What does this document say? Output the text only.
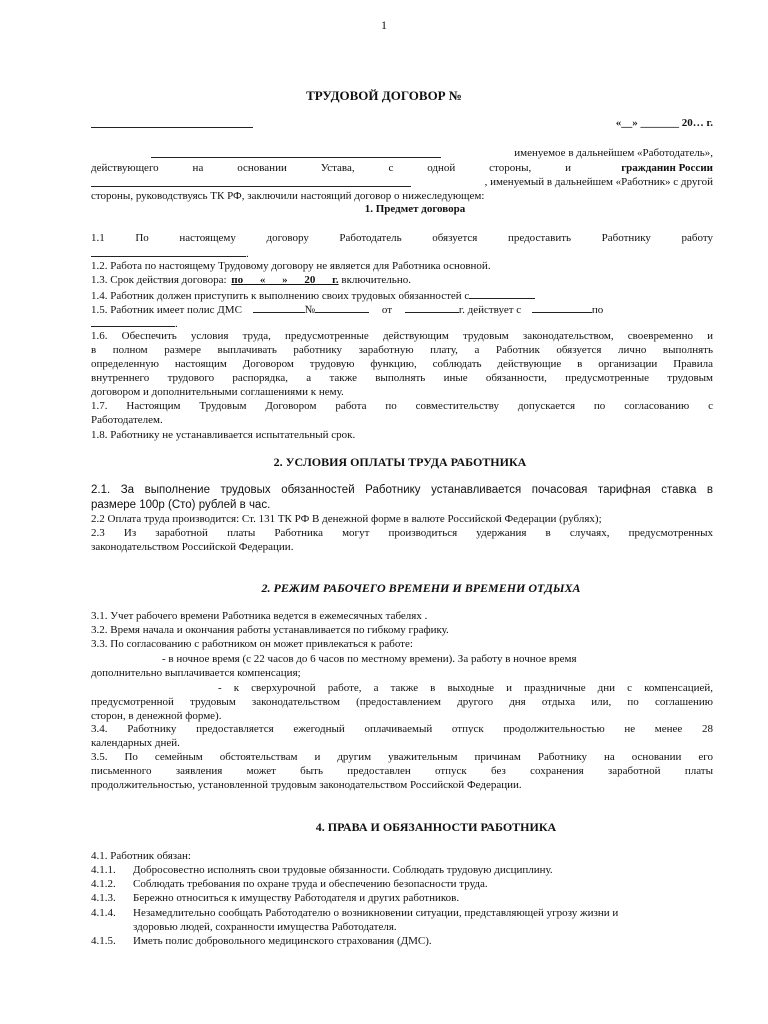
1
ТРУДОВОЙ ДОГОВОР №
«__» _______ 20… г.
именуемое в дальнейшем «Работодатель»,
действующего на основании Устава, с одной стороны, и	гражданин России
, именуемый в дальнейшем «Работник» с другой
стороны, руководствуясь ТК РФ, заключили настоящий договор о нижеследующем:
1. Предмет договора
1.1 По настоящему договору Работодатель обязуется предоставить Работнику работу
.
1.2. Работа по настоящему Трудовому договору не является для Работника основной.
1.3. Срок действия договора: по « » 20 г. включительно.
1.4. Работник должен приступить к выполнению своих трудовых обязанностей с
1.5. Работник имеет полис ДМС	№	от	г. действует с	по
.
1.6. Обеспечить условия труда, предусмотренные действующим трудовым законодательством, своевременно и
в полном размере выплачивать работнику заработную плату, а Работник обязуется лично выполнять
определенную настоящим Договором трудовую функцию, соблюдать действующие в организации Правила
внутреннего трудового распорядка, а также выполнять иные обязанности, предусмотренные трудовым
договором и дополнительными соглашениями к нему.
1.7. Настоящим Трудовым Договором работа по совместительству допускается по согласованию с
Работодателем.
1.8. Работнику не устанавливается испытательный срок.
2. УСЛОВИЯ ОПЛАТЫ ТРУДА РАБОТНИКА
2.1. За выполнение трудовых обязанностей Работнику устанавливается почасовая тарифная ставка в
размере 100р (Сто) рублей в час.
2.2 Оплата труда производится: Ст. 131 ТК РФ В денежной форме в валюте Российской Федерации (рублях);
2.3 Из заработной платы Работника могут производиться удержания в случаях, предусмотренных
законодательством Российской Федерации.
2. РЕЖИМ РАБОЧЕГО ВРЕМЕНИ И ВРЕМЕНИ ОТДЫХА
3.1. Учет рабочего времени Работника ведется в ежемесячных табелях .
3.2. Время начала и окончания работы устанавливается по гибкому графику.
3.3. По согласованию с работником он может привлекаться к работе:
- в ночное время (с 22 часов до 6 часов по местному времени). За работу в ночное время
дополнительно выплачивается компенсация;
- к сверхурочной работе, а также в выходные и праздничные дни с компенсацией,
предусмотренной трудовым законодательством (предоставлением другого дня отдыха или, по соглашению
сторон, в денежной форме).
3.4. Работнику предоставляется ежегодный оплачиваемый отпуск продолжительностью не менее 28
календарных дней.
3.5. По семейным обстоятельствам и другим уважительным причинам Работнику на основании его
письменного заявления может быть предоставлен отпуск без сохранения заработной платы
продолжительностью, установленной трудовым законодательством Российской Федерации.
4. ПРАВА И ОБЯЗАННОСТИ РАБОТНИКА
4.1. Работник обязан:
4.1.1. Добросовестно исполнять свои трудовые обязанности. Соблюдать трудовую дисциплину.
4.1.2. Соблюдать требования по охране труда и обеспечению безопасности труда.
4.1.3. Бережно относиться к имуществу Работодателя и других работников.
4.1.4. Незамедлительно сообщать Работодателю о возникновении ситуации, представляющей угрозу жизни и
здоровью людей, сохранности имущества Работодателя.
4.1.5. Иметь полис добровольного медицинского страхования (ДМС).
